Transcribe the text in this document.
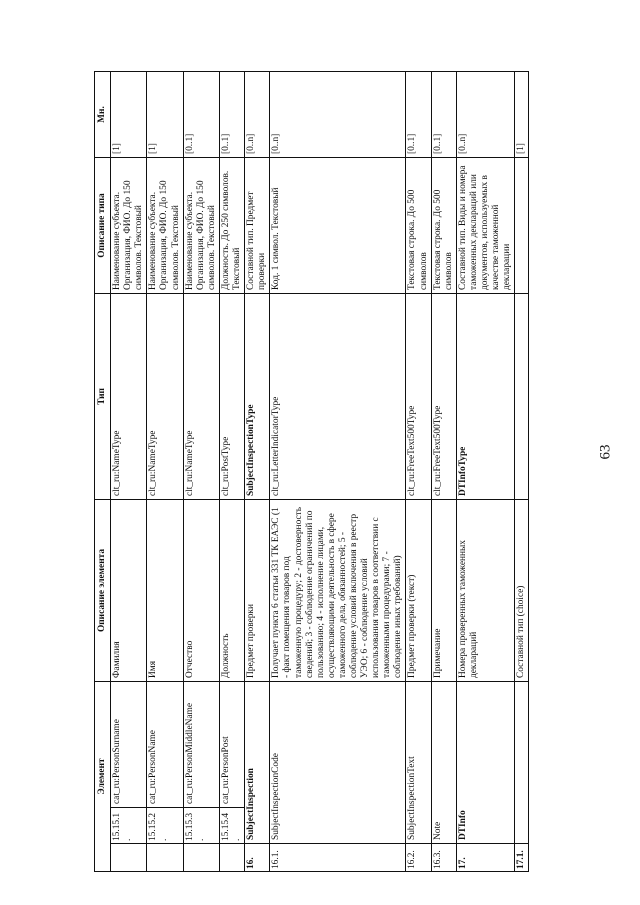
63
Элемент			Описание элемента	Тип	Описание типа	Мн.
	15.15.1.	cat_ru:PersonSurname	Фамилия	clt_ru:NameType	Наименование субъекта. Организация, ФИО. До 150 символов. Текстовый	[1]
	15.15.2.	cat_ru:PersonName	Имя	clt_ru:NameType	Наименование субъекта. Организация, ФИО. До 150 символов. Текстовый	[1]
	15.15.3.	cat_ru:PersonMiddleName	Отчество	clt_ru:NameType	Наименование субъекта. Организация, ФИО. До 150 символов. Текстовый	[0..1]
	15.15.4.	cat_ru:PersonPost	Должность	clt_ru:PostType	Должность. До 250 символов. Текстовый	[0..1]
16.	SubjectInspection		Предмет проверки	SubjectInspectionType	Составной тип. Предмет проверки	[0..n]
16.1.	SubjectInspectionCode		Получает пункта 6 статьи 331 ТК ЕАЭС (1 - факт помещения товаров под таможенную процедуру; 2 - достоверность сведений; 3 - соблюдение ограничений по пользованию; 4 - исполнение лицами, осуществляющими деятельность в сфере таможенного дела, обязанностей; 5 - соблюдение условий включения в реестр УЭО; 6 - соблюдение условий использования товаров в соответствии с таможенными процедурами; 7 - соблюдение иных требований)	clt_ru:LetterIndicatorType	Код. 1 символ. Текстовый	[0..n]
16.2.	SubjectInspectionText		Предмет проверки (текст)	clt_ru:FreeText500Type	Текстовая строка. До 500 символов	[0..1]
16.3.	Note		Примечание	clt_ru:FreeText500Type	Текстовая строка. До 500 символов	[0..1]
17.	DTInfo		Номера проверенных таможенных деклараций	DTInfoType	Составной тип. Виды и номера таможенных деклараций или документов, используемых в качестве таможенной декларации	[0..n]
17.1.			Составной тип (choice)			[1]
